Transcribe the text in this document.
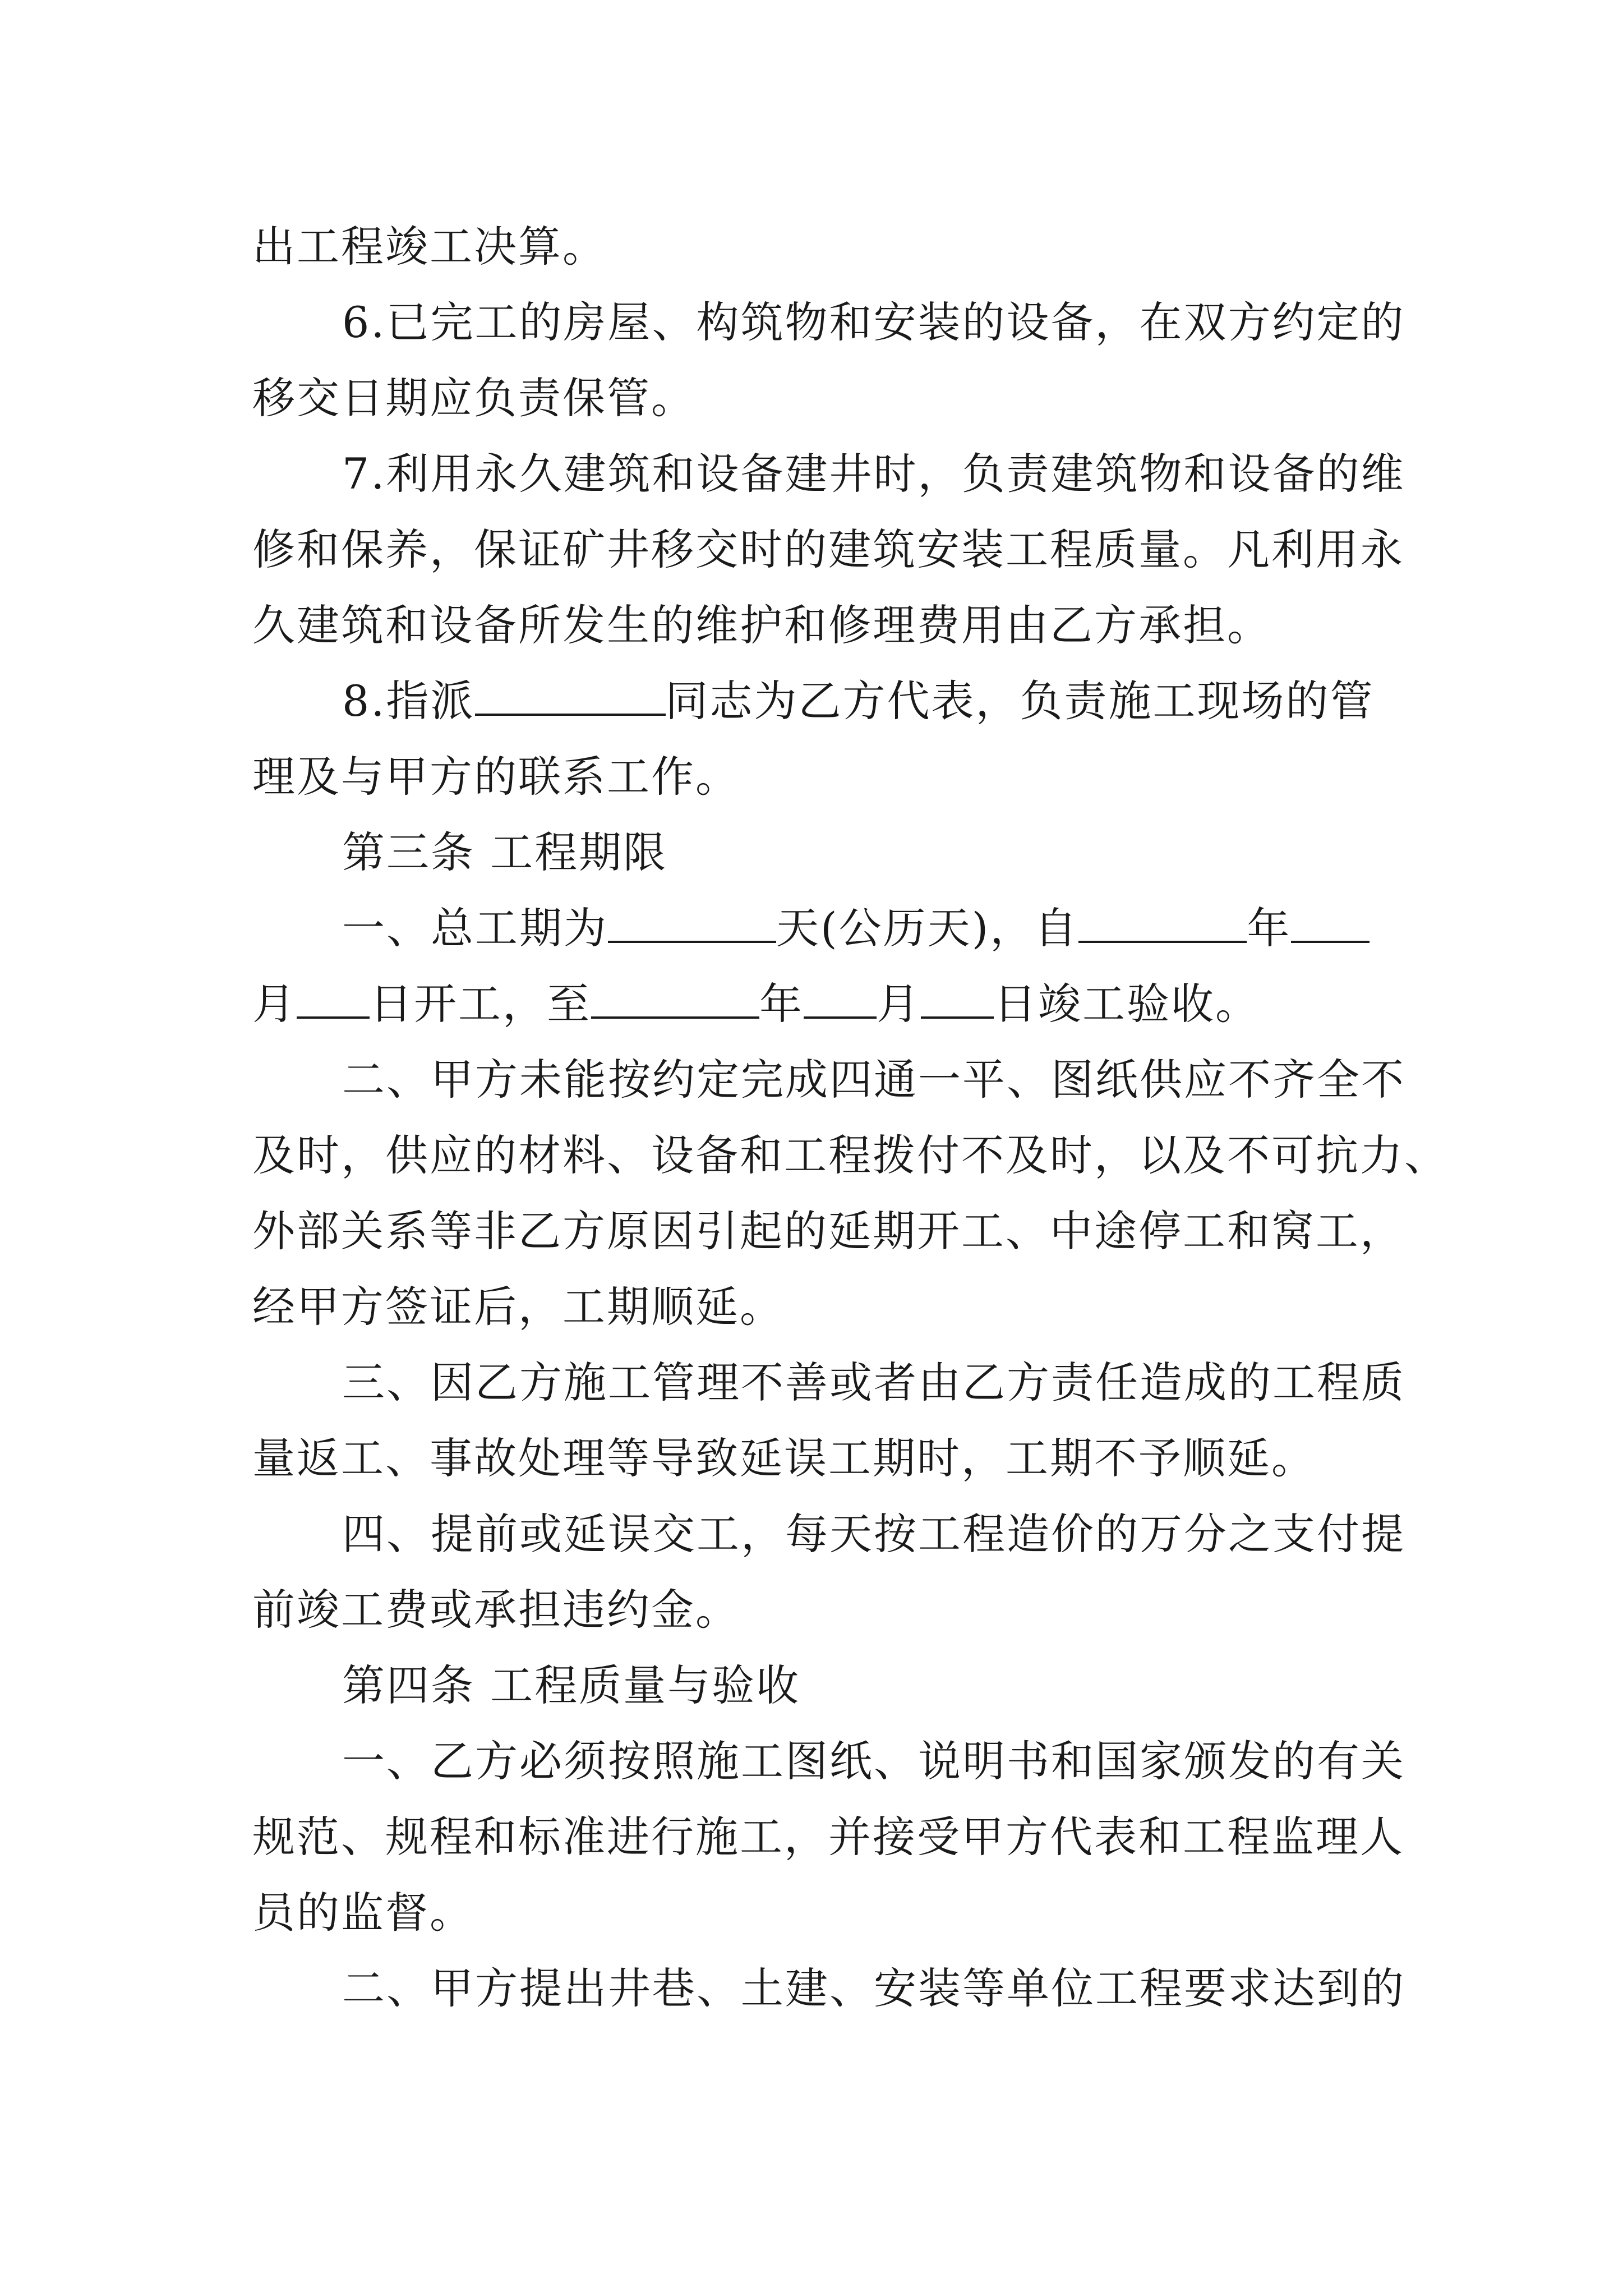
出工程竣工决算。
6.已完工的房屋、构筑物和安装的设备，在双方约定的
移交日期应负责保管。
7.利用永久建筑和设备建井时，负责建筑物和设备的维
修和保养，保证矿井移交时的建筑安装工程质量。凡利用永
久建筑和设备所发生的维护和修理费用由乙方承担。
8.指派	同志为乙方代表，负责施工现场的管
理及与甲方的联系工作。
第三条 工程期限
一、总工期为	天(公历天)，自	年
月 日开工，至	年 月 日竣工验收。
二、甲方未能按约定完成四通一平、图纸供应不齐全不
及时，供应的材料、设备和工程拨付不及时，以及不可抗力、
外部关系等非乙方原因引起的延期开工、中途停工和窝工，
经甲方签证后，工期顺延。
三、因乙方施工管理不善或者由乙方责任造成的工程质
量返工、事故处理等导致延误工期时，工期不予顺延。
四、提前或延误交工，每天按工程造价的万分之支付提
前竣工费或承担违约金。
第四条 工程质量与验收
一、乙方必须按照施工图纸、说明书和国家颁发的有关
规范、规程和标准进行施工，并接受甲方代表和工程监理人
员的监督。
二、甲方提出井巷、土建、安装等单位工程要求达到的
